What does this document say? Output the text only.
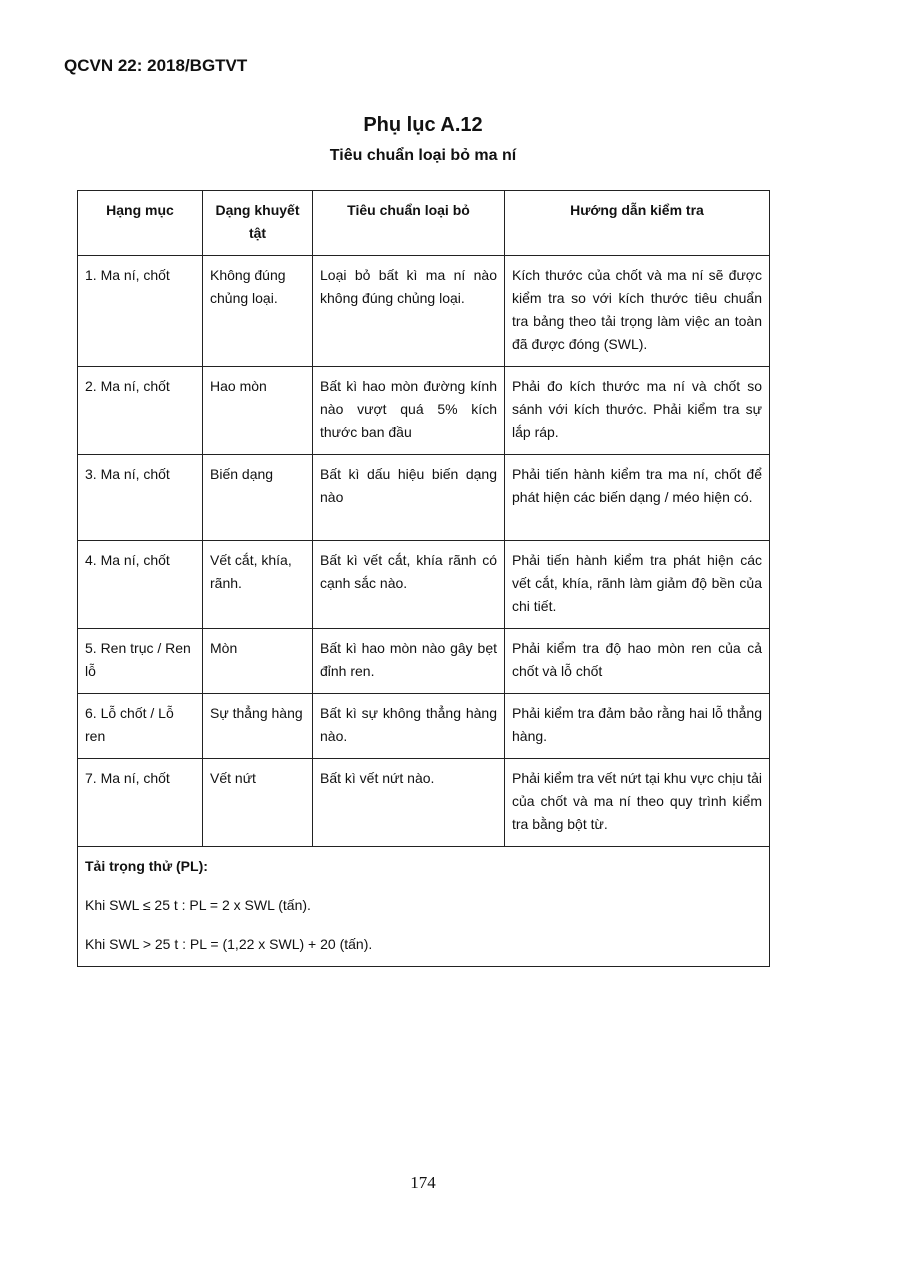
QCVN 22: 2018/BGTVT
Phụ lục A.12
Tiêu chuẩn loại bỏ ma ní
Hạng mục	Dạng khuyết tật	Tiêu chuẩn loại bỏ	Hướng dẫn kiểm tra
1. Ma ní, chốt	Không đúng chủng loại.	Loại bỏ bất kì ma ní nào không đúng chủng loại.	Kích thước của chốt và ma ní sẽ được kiểm tra so với kích thước tiêu chuẩn tra bảng theo tải trọng làm việc an toàn đã được đóng (SWL).
2. Ma ní, chốt	Hao mòn	Bất kì hao mòn đường kính nào vượt quá 5% kích thước ban đầu	Phải đo kích thước ma ní và chốt so sánh với kích thước. Phải kiểm tra sự lắp ráp.
3. Ma ní, chốt	Biến dạng	Bất kì dấu hiệu biến dạng nào	Phải tiến hành kiểm tra ma ní, chốt để phát hiện các biến dạng / méo hiện có.
4. Ma ní, chốt	Vết cắt, khía, rãnh.	Bất kì vết cắt, khía rãnh có cạnh sắc nào.	Phải tiến hành kiểm tra phát hiện các vết cắt, khía, rãnh làm giảm độ bền của chi tiết.
5. Ren trục / Ren lỗ	Mòn	Bất kì hao mòn nào gây bẹt đỉnh ren.	Phải kiểm tra độ hao mòn ren của cả chốt và lỗ chốt
6. Lỗ chốt / Lỗ ren	Sự thẳng hàng	Bất kì sự không thẳng hàng nào.	Phải kiểm tra đảm bảo rằng hai lỗ thẳng hàng.
7. Ma ní, chốt	Vết nứt	Bất kì vết nứt nào.	Phải kiểm tra vết nứt tại khu vực chịu tải của chốt và ma ní theo quy trình kiểm tra bằng bột từ.

Tải trọng thử (PL):
Khi SWL ≤ 25 t : PL = 2 x SWL (tấn).
Khi SWL > 25 t : PL = (1,22 x SWL) + 20 (tấn).			
174
